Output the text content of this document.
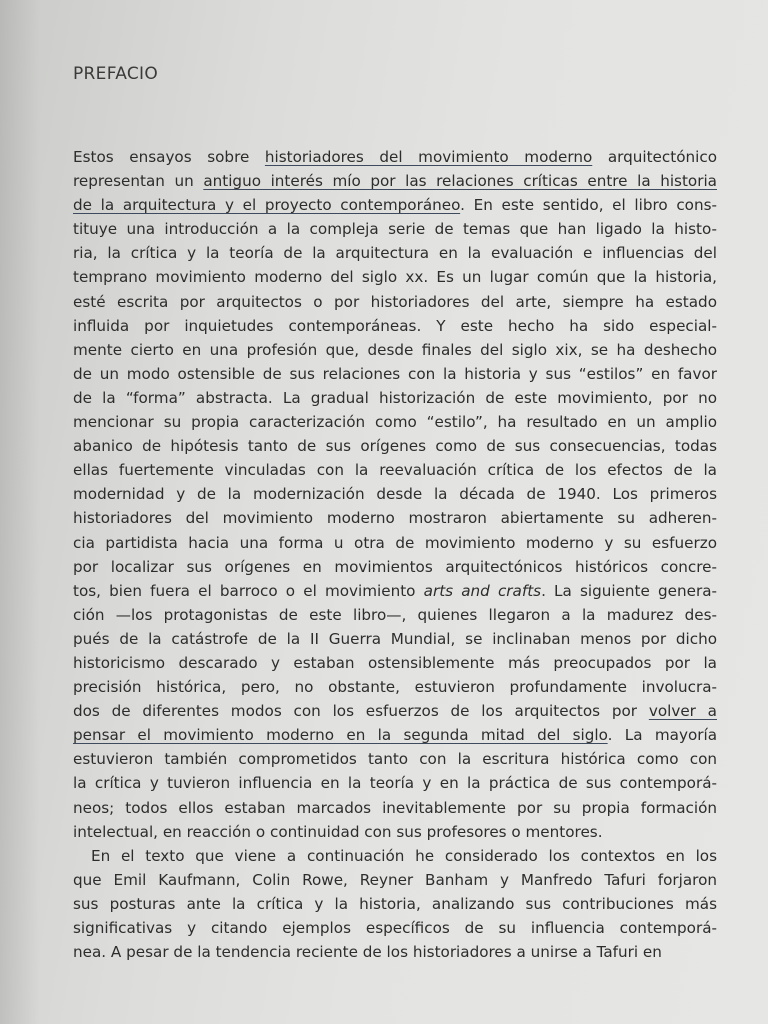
PREFACIO
Estos ensayos sobre historiadores del movimiento moderno arquitectónico
representan un antiguo interés mío por las relaciones críticas entre la historia
de la arquitectura y el proyecto contemporáneo. En este sentido, el libro cons-
tituye una introducción a la compleja serie de temas que han ligado la histo-
ria, la crítica y la teoría de la arquitectura en la evaluación e influencias del
temprano movimiento moderno del siglo xx. Es un lugar común que la historia,
esté escrita por arquitectos o por historiadores del arte, siempre ha estado
influida por inquietudes contemporáneas. Y este hecho ha sido especial-
mente cierto en una profesión que, desde finales del siglo xix, se ha deshecho
de un modo ostensible de sus relaciones con la historia y sus “estilos” en favor
de la “forma” abstracta. La gradual historización de este movimiento, por no
mencionar su propia caracterización como “estilo”, ha resultado en un amplio
abanico de hipótesis tanto de sus orígenes como de sus consecuencias, todas
ellas fuertemente vinculadas con la reevaluación crítica de los efectos de la
modernidad y de la modernización desde la década de 1940. Los primeros
historiadores del movimiento moderno mostraron abiertamente su adheren-
cia partidista hacia una forma u otra de movimiento moderno y su esfuerzo
por localizar sus orígenes en movimientos arquitectónicos históricos concre-
tos, bien fuera el barroco o el movimiento arts and crafts. La siguiente genera-
ción —los protagonistas de este libro—, quienes llegaron a la madurez des-
pués de la catástrofe de la II Guerra Mundial, se inclinaban menos por dicho
historicismo descarado y estaban ostensiblemente más preocupados por la
precisión histórica, pero, no obstante, estuvieron profundamente involucra-
dos de diferentes modos con los esfuerzos de los arquitectos por volver a
pensar el movimiento moderno en la segunda mitad del siglo. La mayoría
estuvieron también comprometidos tanto con la escritura histórica como con
la crítica y tuvieron influencia en la teoría y en la práctica de sus contemporá-
neos; todos ellos estaban marcados inevitablemente por su propia formación
intelectual, en reacción o continuidad con sus profesores o mentores.
En el texto que viene a continuación he considerado los contextos en los
que Emil Kaufmann, Colin Rowe, Reyner Banham y Manfredo Tafuri forjaron
sus posturas ante la crítica y la historia, analizando sus contribuciones más
significativas y citando ejemplos específicos de su influencia contemporá-
nea. A pesar de la tendencia reciente de los historiadores a unirse a Tafuri en
